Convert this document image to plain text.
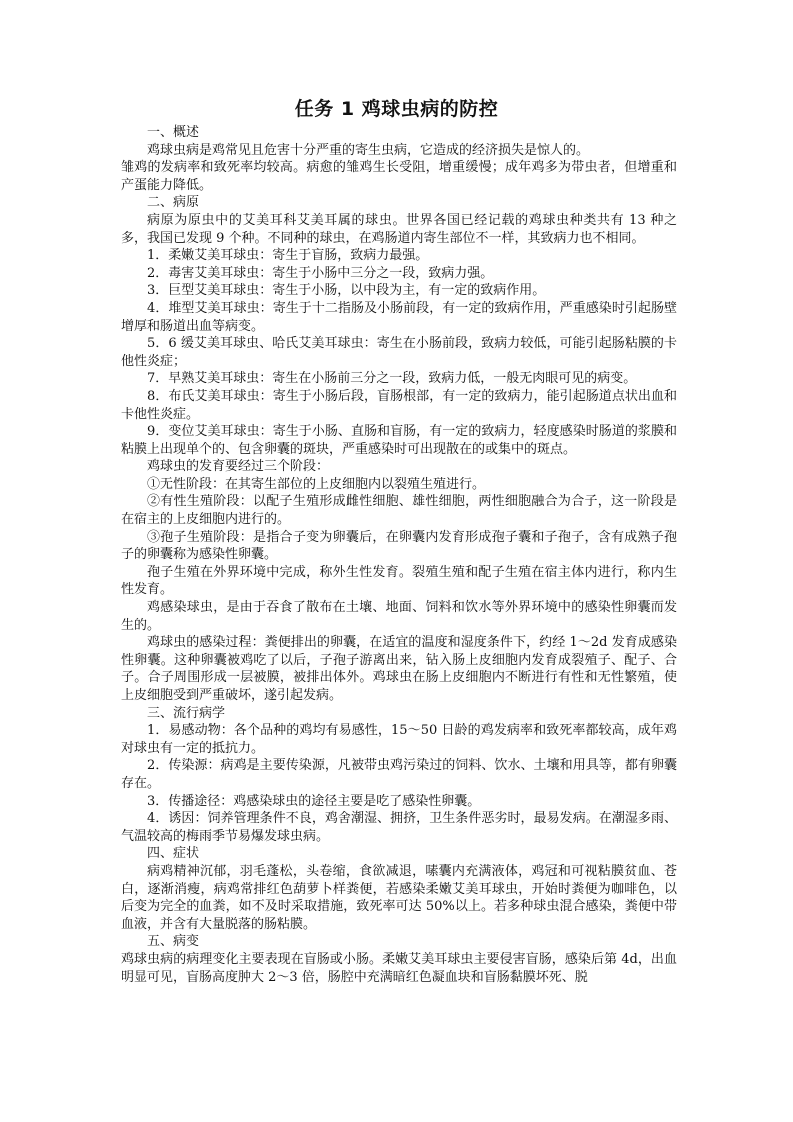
任务 1 鸡球虫病的防控

一、概述

鸡球虫病是鸡常见且危害十分严重的寄生虫病，它造成的经济损失是惊人的。

雏鸡的发病率和致死率均较高。病愈的雏鸡生长受阻，增重缓慢；成年鸡多为带虫者，但增重和产蛋能力降低。

二、病原

病原为原虫中的艾美耳科艾美耳属的球虫。世界各国已经记载的鸡球虫种类共有 13 种之多，我国已发现 9 个种。不同种的球虫，在鸡肠道内寄生部位不一样，其致病力也不相同。

1．柔嫩艾美耳球虫：寄生于盲肠，致病力最强。

2．毒害艾美耳球虫：寄生于小肠中三分之一段，致病力强。

3．巨型艾美耳球虫：寄生于小肠，以中段为主，有一定的致病作用。

4．堆型艾美耳球虫：寄生于十二指肠及小肠前段，有一定的致病作用，严重感染时引起肠壁增厚和肠道出血等病变。

5．6 缓艾美耳球虫、哈氏艾美耳球虫：寄生在小肠前段，致病力较低，可能引起肠粘膜的卡他性炎症；

7．早熟艾美耳球虫：寄生在小肠前三分之一段，致病力低，一般无肉眼可见的病变。

8．布氏艾美耳球虫：寄生于小肠后段，盲肠根部，有一定的致病力，能引起肠道点状出血和卡他性炎症。

9．变位艾美耳球虫：寄生于小肠、直肠和盲肠，有一定的致病力，轻度感染时肠道的浆膜和粘膜上出现单个的、包含卵囊的斑块，严重感染时可出现散在的或集中的斑点。

鸡球虫的发育要经过三个阶段：

①无性阶段：在其寄生部位的上皮细胞内以裂殖生殖进行。

②有性生殖阶段：以配子生殖形成雌性细胞、雄性细胞，两性细胞融合为合子，这一阶段是在宿主的上皮细胞内进行的。

③孢子生殖阶段：是指合子变为卵囊后，在卵囊内发育形成孢子囊和子孢子，含有成熟子孢子的卵囊称为感染性卵囊。

孢子生殖在外界环境中完成，称外生性发育。裂殖生殖和配子生殖在宿主体内进行，称内生性发育。

鸡感染球虫，是由于吞食了散布在土壤、地面、饲料和饮水等外界环境中的感染性卵囊而发生的。

鸡球虫的感染过程：粪便排出的卵囊，在适宜的温度和湿度条件下，约经 1～2d 发育成感染性卵囊。这种卵囊被鸡吃了以后，子孢子游离出来，钻入肠上皮细胞内发育成裂殖子、配子、合子。合子周围形成一层被膜，被排出体外。鸡球虫在肠上皮细胞内不断进行有性和无性繁殖，使上皮细胞受到严重破坏，遂引起发病。

三、流行病学

1．易感动物：各个品种的鸡均有易感性，15～50 日龄的鸡发病率和致死率都较高，成年鸡对球虫有一定的抵抗力。

2．传染源：病鸡是主要传染源，凡被带虫鸡污染过的饲料、饮水、土壤和用具等，都有卵囊存在。

3．传播途径：鸡感染球虫的途径主要是吃了感染性卵囊。

4．诱因：饲养管理条件不良，鸡舍潮湿、拥挤，卫生条件恶劣时，最易发病。在潮湿多雨、气温较高的梅雨季节易爆发球虫病。

四、症状

病鸡精神沉郁，羽毛蓬松，头卷缩，食欲减退，嗉囊内充满液体，鸡冠和可视粘膜贫血、苍白，逐渐消瘦，病鸡常排红色葫萝卜样粪便，若感染柔嫩艾美耳球虫，开始时粪便为咖啡色，以后变为完全的血粪，如不及时采取措施，致死率可达 50%以上。若多种球虫混合感染，粪便中带血液，并含有大量脱落的肠粘膜。

五、病变

鸡球虫病的病理变化主要表现在盲肠或小肠。柔嫩艾美耳球虫主要侵害盲肠，感染后第 4d，出血明显可见，盲肠高度肿大 2～3 倍，肠腔中充满暗红色凝血块和盲肠黏膜坏死、脱
